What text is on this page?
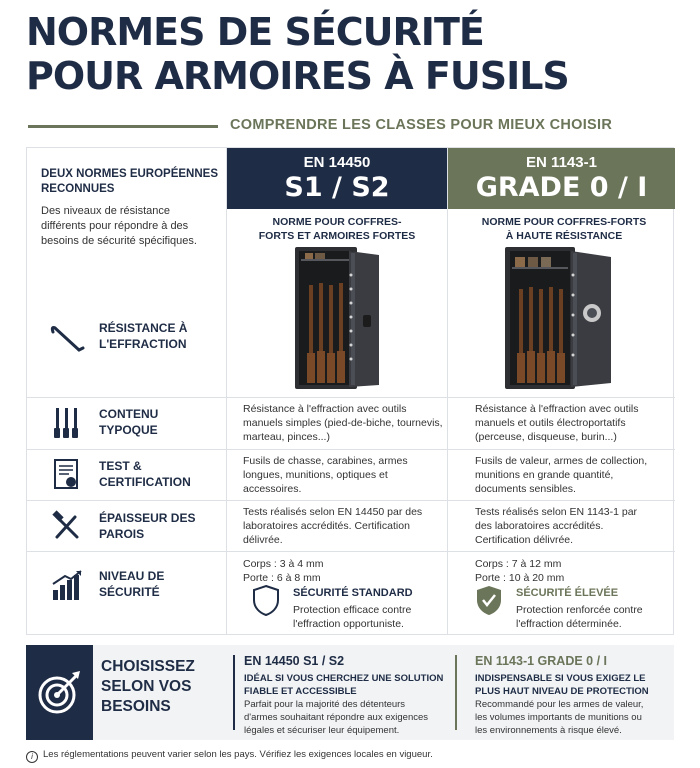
NORMES DE SÉCURITÉ
POUR ARMOIRES À FUSILS
COMPRENDRE LES CLASSES POUR MIEUX CHOISIR
DEUX NORMES EUROPÉENNES RECONNUES
Des niveaux de résistance différents pour répondre à des besoins de sécurité spécifiques.
EN 14450
S1 / S2
EN 1143-1
GRADE 0 / I
NORME POUR COFFRES-FORTS ET ARMOIRES FORTES
NORME POUR COFFRES-FORTS À HAUTE RÉSISTANCE
RÉSISTANCE À L'EFFRACTION
CONTENU TYPOQUE
Résistance à l'effraction avec outils manuels simples (pied-de-biche, tournevis, marteau, pinces...)
Résistance à l'effraction avec outils manuels et outils électroportatifs (perceuse, disqueuse, burin...)
TEST & CERTIFICATION
Fusils de chasse, carabines, armes longues, munitions, optiques et accessoires.
Fusils de valeur, armes de collection, munitions en grande quantité, documents sensibles.
ÉPAISSEUR DES PAROIS
Tests réalisés selon EN 14450 par des laboratoires accrédités. Certification délivrée.
Tests réalisés selon EN 1143-1 par des laboratoires accrédités. Certification délivrée.
NIVEAU DE SÉCURITÉ
Corps : 3 à 4 mm
Porte : 6 à 8 mm
Corps : 7 à 12 mm
Porte : 10 à 20 mm
SÉCURITÉ STANDARD
Protection efficace contre l'effraction opportuniste.
SÉCURITÉ ÉLEVÉE
Protection renforcée contre l'effraction déterminée.
CHOISISSEZ SELON VOS BESOINS
EN 14450 S1 / S2
IDÉAL SI VOUS CHERCHEZ UNE SOLUTION FIABLE ET ACCESSIBLE
Parfait pour la majorité des détenteurs d'armes souhaitant répondre aux exigences légales et sécuriser leur équipement.
EN 1143-1 GRADE 0 / I
INDISPENSABLE SI VOUS EXIGEZ LE PLUS HAUT NIVEAU DE PROTECTION
Recommandé pour les armes de valeur, les volumes importants de munitions ou les environnements à risque élevé.
i Les réglementations peuvent varier selon les pays. Vérifiez les exigences locales en vigueur.
